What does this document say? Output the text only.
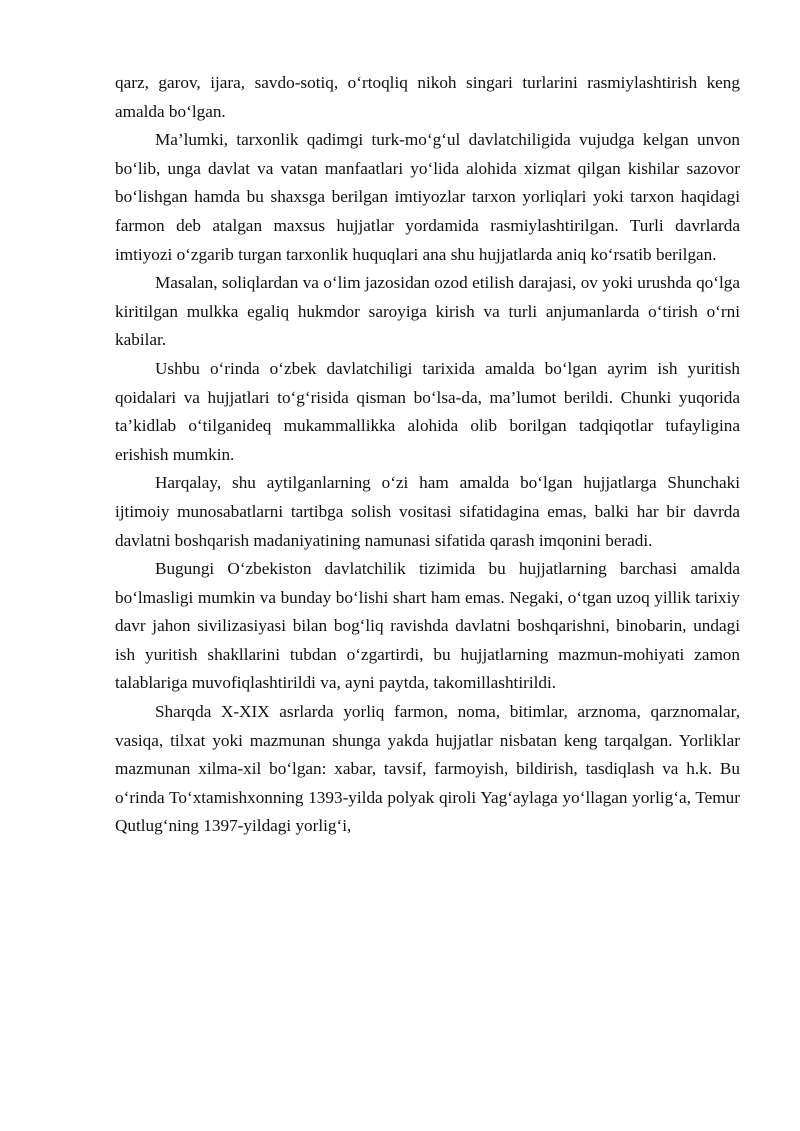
qarz, garov, ijara, savdo-sotiq, oʻrtoqliq nikoh singari turlarini rasmiylashtirish keng amalda boʻlgan.

Ma’lumki, tarxonlik qadimgi turk-moʻgʻul davlatchiligida vujudga kelgan unvon boʻlib, unga davlat va vatan manfaatlari yoʻlida alohida xizmat qilgan kishilar sazovor boʻlishgan hamda bu shaxsga berilgan imtiyozlar tarxon yorliqlari yoki tarxon haqidagi farmon deb atalgan maxsus hujjatlar yordamida rasmiylashtirilgan. Turli davrlarda imtiyozi oʻzgarib turgan tarxonlik huquqlari ana shu hujjatlarda aniq koʻrsatib berilgan.

Masalan, soliqlardan va oʻlim jazosidan ozod etilish darajasi, ov yoki urushda qoʻlga kiritilgan mulkka egaliq hukmdor saroyiga kirish va turli anjumanlarda oʻtirish oʻrni kabilar.

Ushbu oʻrinda oʻzbek davlatchiligi tarixida amalda boʻlgan ayrim ish yuritish qoidalari va hujjatlari toʻgʻrisida qisman boʻlsa-da, ma’lumot berildi. Chunki yuqorida ta’kidlab oʻtilganideq mukammallikka alohida olib borilgan tadqiqotlar tufayligina erishish mumkin.

Harqalay, shu aytilganlarning oʻzi ham amalda boʻlgan hujjatlarga Shunchaki ijtimoiy munosabatlarni tartibga solish vositasi sifatidagina emas, balki har bir davrda davlatni boshqarish madaniyatining namunasi sifatida qarash imqonini beradi.

Bugungi Oʻzbekiston davlatchilik tizimida bu hujjatlarning barchasi amalda boʻlmasligi mumkin va bunday boʻlishi shart ham emas. Negaki, oʻtgan uzoq yillik tarixiy davr jahon sivilizasiyasi bilan bogʻliq ravishda davlatni boshqarishni, binobarin, undagi ish yuritish shakllarini tubdan oʻzgartirdi, bu hujjatlarning mazmun-mohiyati zamon talablariga muvofiqlashtirildi va, ayni paytda, takomillashtirildi.

Sharqda X-XIX asrlarda yorliq farmon, noma, bitimlar, arznoma, qarznomalar, vasiqa, tilxat yoki mazmunan shunga yakda hujjatlar nisbatan keng tarqalgan. Yorliklar mazmunan xilma-xil boʻlgan: xabar, tavsif, farmoyish, bildirish, tasdiqlash va h.k. Bu oʻrinda Toʻxtamishxonning 1393-yilda polyak qiroli Yagʻaylaga yoʻllagan yorligʻa, Temur Qutlugʻning 1397-yildagi yorligʻi,
